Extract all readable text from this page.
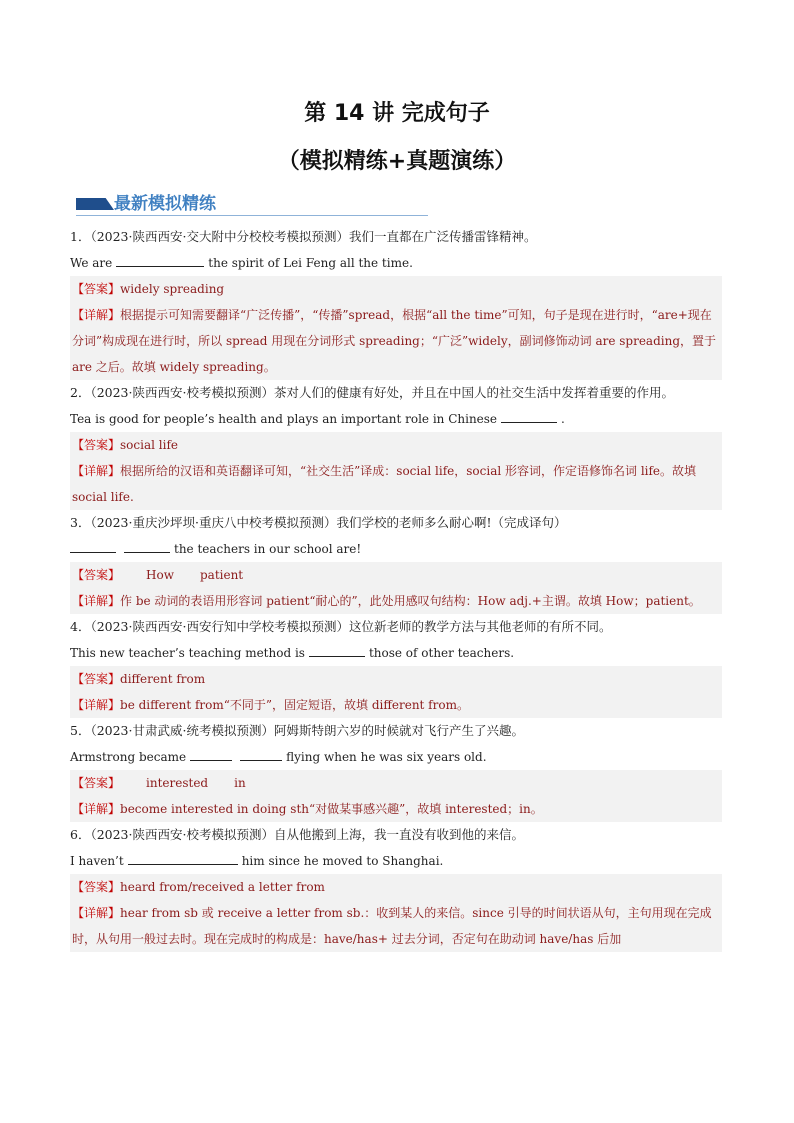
第 14 讲 完成句子
（模拟精练+真题演练）
最新模拟精练

1．（2023·陕西西安·交大附中分校校考模拟预测）我们一直都在广泛传播雷锋精神。

We are	the spirit of Lei Feng all the time.

【答案】widely spreading

【详解】根据提示可知需要翻译“广泛传播”，“传播”spread，根据“all the time”可知，句子是现在进行时，“are+现在分词”构成现在进行时，所以 spread 用现在分词形式 spreading；“广泛”widely，副词修饰动词 are spreading，置于 are 之后。故填 widely spreading。

2．（2023·陕西西安·校考模拟预测）茶对人们的健康有好处，并且在中国人的社交生活中发挥着重要的作用。

Tea is good for people’s health and plays an important role in Chinese	.

【答案】social life

【详解】根据所给的汉语和英语翻译可知，“社交生活”译成：social life，social 形容词，作定语修饰名词 life。故填 social life.

3．（2023·重庆沙坪坝·重庆八中校考模拟预测）我们学校的老师多么耐心啊!（完成译句）

the teachers in our school are!

【答案】 How patient

【详解】作 be 动词的表语用形容词 patient“耐心的”，此处用感叹句结构：How adj.+主谓。故填 How；patient。

4．（2023·陕西西安·西安行知中学校考模拟预测）这位新老师的教学方法与其他老师的有所不同。

This new teacher’s teaching method is	those of other teachers.

【答案】different from

【详解】be different from“不同于”，固定短语，故填 different from。

5．（2023·甘肃武威·统考模拟预测）阿姆斯特朗六岁的时候就对飞行产生了兴趣。

Armstrong became	flying when he was six years old.

【答案】 interested in

【详解】become interested in doing sth“对做某事感兴趣”，故填 interested；in。

6．（2023·陕西西安·校考模拟预测）自从他搬到上海，我一直没有收到他的来信。

I haven’t	him since he moved to Shanghai.

【答案】heard from/received a letter from

【详解】hear from sb 或 receive a letter from sb.：收到某人的来信。since 引导的时间状语从句，主句用现在完成时，从句用一般过去时。现在完成时的构成是：have/has+ 过去分词，否定句在助动词 have/has 后加
